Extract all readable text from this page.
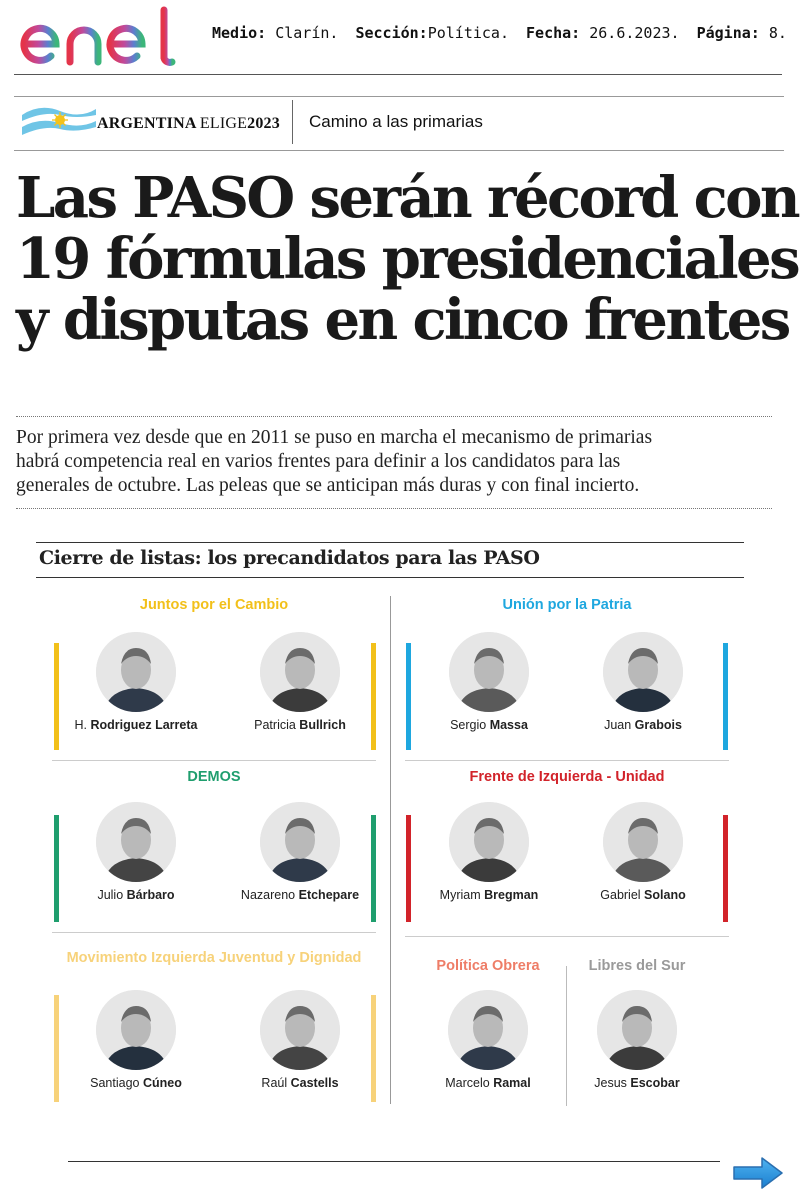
Medio: Clarín. Sección:Política. Fecha: 26.6.2023. Página: 8.
ARGENTINA ELIGE2023 Camino a las primarias
Las PASO serán récord con
19 fórmulas presidenciales
y disputas en cinco frentes
Por primera vez desde que en 2011 se puso en marcha el mecanismo de primarias
habrá competencia real en varios frentes para definir a los candidatos para las
generales de octubre. Las peleas que se anticipan más duras y con final incierto.
Cierre de listas: los precandidatos para las PASO
Juntos por el Cambio
H. Rodriguez Larreta	Patricia Bullrich
Unión por la Patria
Sergio Massa	Juan Grabois
DEMOS
Julio Bárbaro	Nazareno Etchepare
Frente de Izquierda - Unidad
Myriam Bregman	Gabriel Solano
Movimiento Izquierda Juventud y Dignidad
Santiago Cúneo	Raúl Castells
Política Obrera
Marcelo Ramal
Libres del Sur
Jesus Escobar
